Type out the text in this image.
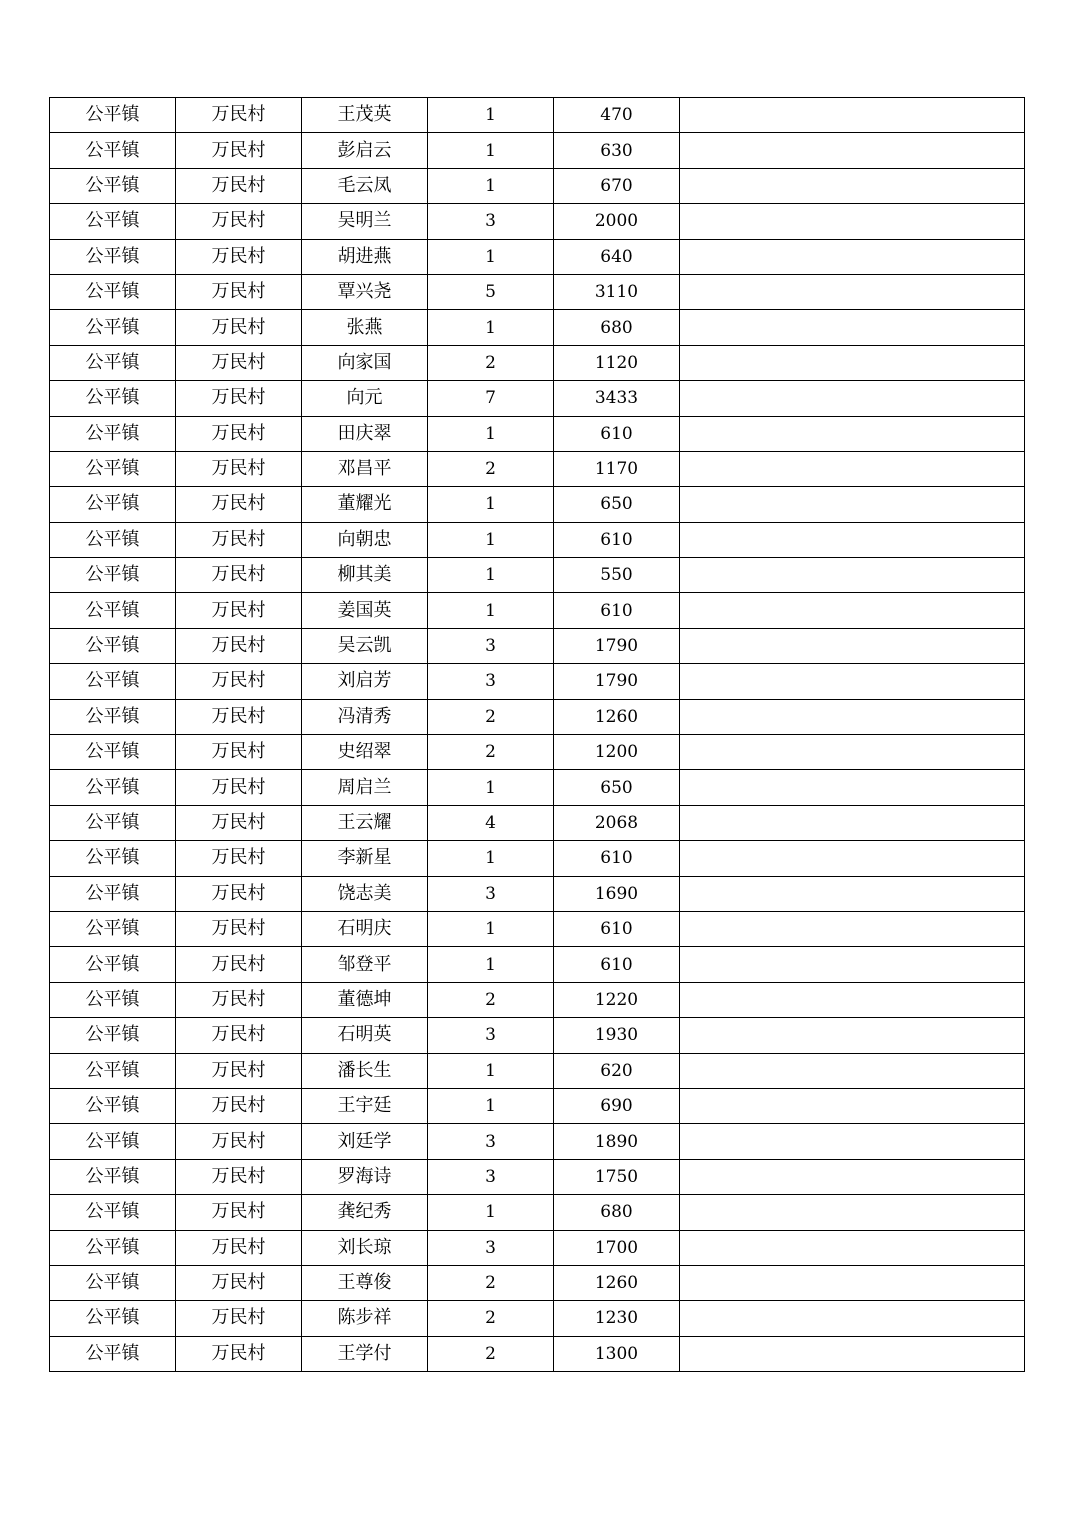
公平镇	万民村	王茂英	1	470	
公平镇	万民村	彭启云	1	630	
公平镇	万民村	毛云凤	1	670	
公平镇	万民村	吴明兰	3	2000	
公平镇	万民村	胡进燕	1	640	
公平镇	万民村	覃兴尧	5	3110	
公平镇	万民村	张燕	1	680	
公平镇	万民村	向家国	2	1120	
公平镇	万民村	向元	7	3433	
公平镇	万民村	田庆翠	1	610	
公平镇	万民村	邓昌平	2	1170	
公平镇	万民村	董耀光	1	650	
公平镇	万民村	向朝忠	1	610	
公平镇	万民村	柳其美	1	550	
公平镇	万民村	姜国英	1	610	
公平镇	万民村	吴云凯	3	1790	
公平镇	万民村	刘启芳	3	1790	
公平镇	万民村	冯清秀	2	1260	
公平镇	万民村	史绍翠	2	1200	
公平镇	万民村	周启兰	1	650	
公平镇	万民村	王云耀	4	2068	
公平镇	万民村	李新星	1	610	
公平镇	万民村	饶志美	3	1690	
公平镇	万民村	石明庆	1	610	
公平镇	万民村	邹登平	1	610	
公平镇	万民村	董德坤	2	1220	
公平镇	万民村	石明英	3	1930	
公平镇	万民村	潘长生	1	620	
公平镇	万民村	王宇廷	1	690	
公平镇	万民村	刘廷学	3	1890	
公平镇	万民村	罗海诗	3	1750	
公平镇	万民村	龚纪秀	1	680	
公平镇	万民村	刘长琼	3	1700	
公平镇	万民村	王尊俊	2	1260	
公平镇	万民村	陈步祥	2	1230	
公平镇	万民村	王学付	2	1300	
